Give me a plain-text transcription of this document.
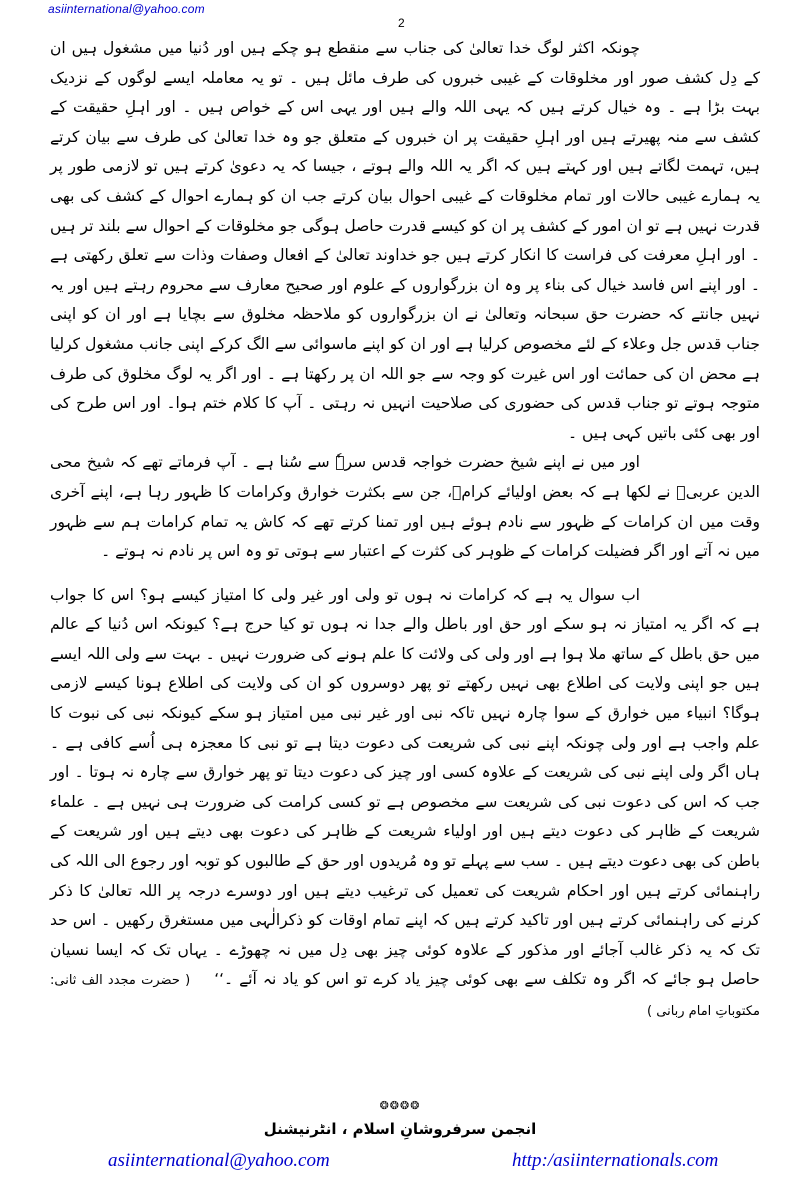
asiinternational@yahoo.com
2

چونکہ اکثر لوگ خدا تعالیٰ کی جناب سے منقطع ہو چکے ہیں اور دُنیا میں مشغول ہیں ان کے دِل کشف صور اور مخلوقات کے غیبی خبروں کی طرف مائل ہیں ۔ تو یہ معاملہ ایسے لوگوں کے نزدیک بہت بڑا ہے ۔ وہ خیال کرتے ہیں کہ یہی اللہ والے ہیں اور یہی اس کے خواص ہیں ۔ اور اہلِ حقیقت کے کشف سے منہ پھیرتے ہیں اور اہلِ حقیقت پر ان خبروں کے متعلق جو وہ خدا تعالیٰ کی طرف سے بیان کرتے ہیں، تہمت لگاتے ہیں اور کہتے ہیں کہ اگر یہ اللہ والے ہوتے ، جیسا کہ یہ دعویٰ کرتے ہیں تو لازمی طور پر یہ ہمارے غیبی حالات اور تمام مخلوقات کے غیبی احوال بیان کرتے جب ان کو ہمارے احوال کے کشف کی بھی قدرت نہیں ہے تو ان امور کے کشف پر ان کو کیسے قدرت حاصل ہوگی جو مخلوقات کے احوال سے بلند تر ہیں ۔ اور اہلِ معرفت کی فراست کا انکار کرتے ہیں جو خداوند تعالیٰ کے افعال وصفات وذات سے تعلق رکھتی ہے ۔ اور اپنے اس فاسد خیال کی بناء پر وہ ان بزرگواروں کے علوم اور صحیح معارف سے محروم رہتے ہیں اور یہ نہیں جانتے کہ حضرت حق سبحانہ وتعالیٰ نے ان بزرگواروں کو ملاحظہ مخلوق سے بچایا ہے اور ان کو اپنی جناب قدس جل وعلاء کے لئے مخصوص کرلیا ہے اور ان کو اپنے ماسوائی سے الگ کرکے اپنی جانب مشغول کرلیا ہے محض ان کی حمائت اور اس غیرت کو وجہ سے جو اللہ ان پر رکھتا ہے ۔ اور اگر یہ لوگ مخلوق کی طرف متوجہ ہوتے تو جناب قدس کی حضوری کی صلاحیت انہیں نہ رہتی ۔ آپ کا کلام ختم ہوا۔ اور اس طرح کی اور بھی کئی باتیں کہی ہیں ۔

اور میں نے اپنے شیخ حضرت خواجہ قدس سرہٗ سے سُنا ہے ۔ آپ فرماتے تھے کہ شیخ محی الدین عربیؒ نے لکھا ہے کہ بعض اولیائے کرامؒ، جن سے بکثرت خوارق وکرامات کا ظہور رہا ہے، اپنے آخری وقت میں ان کرامات کے ظہور سے نادم ہوئے ہیں اور تمنا کرتے تھے کہ کاش یہ تمام کرامات ہم سے ظہور میں نہ آتے اور اگر فضیلت کرامات کے ظوہر کی کثرت کے اعتبار سے ہوتی تو وہ اس پر نادم نہ ہوتے ۔

اب سوال یہ ہے کہ کرامات نہ ہوں تو ولی اور غیر ولی کا امتیاز کیسے ہو؟ اس کا جواب ہے کہ اگر یہ امتیاز نہ ہو سکے اور حق اور باطل والے جدا نہ ہوں تو کیا حرج ہے؟ کیونکہ اس دُنیا کے عالم میں حق باطل کے ساتھ ملا ہوا ہے اور ولی کی ولائت کا علم ہونے کی ضرورت نہیں ۔ بہت سے ولی اللہ ایسے ہیں جو اپنی ولایت کی اطلاع بھی نہیں رکھتے تو پھر دوسروں کو ان کی ولایت کی اطلاع ہونا کیسے لازمی ہوگا؟ انبیاء میں خوارق کے سوا چارہ نہیں تاکہ نبی اور غیر نبی میں امتیاز ہو سکے کیونکہ نبی کی نبوت کا علم واجب ہے اور ولی چونکہ اپنے نبی کی شریعت کی دعوت دیتا ہے تو نبی کا معجزہ ہی اُسے کافی ہے ۔ ہاں اگر ولی اپنے نبی کی شریعت کے علاوہ کسی اور چیز کی دعوت دیتا تو پھر خوارق سے چارہ نہ ہوتا ۔ اور جب کہ اس کی دعوت نبی کی شریعت سے مخصوص ہے تو کسی کرامت کی ضرورت ہی نہیں ہے ۔ علماء شریعت کے ظاہر کی دعوت دیتے ہیں اور اولیاء شریعت کے ظاہر کی دعوت بھی دیتے ہیں اور شریعت کے باطن کی بھی دعوت دیتے ہیں ۔ سب سے پہلے تو وہ مُریدوں اور حق کے طالبوں کو توبہ اور رجوع الی اللہ کی راہنمائی کرتے ہیں اور احکام شریعت کی تعمیل کی ترغیب دیتے ہیں اور دوسرے درجہ پر اللہ تعالیٰ کا ذکر کرنے کی راہنمائی کرتے ہیں اور تاکید کرتے ہیں کہ اپنے تمام اوقات کو ذکرالٰہی میں مستغرق رکھیں ۔ اس حد تک کہ یہ ذکر غالب آجائے اور مذکور کے علاوہ کوئی چیز بھی دِل میں نہ چھوڑے ۔ یہاں تک کہ ایسا نسیان حاصل ہو جائے کہ اگر وہ تکلف سے بھی کوئی چیز یاد کرے تو اس کو یاد نہ آئے ۔‘‘( حضرت مجدد الف ثانی: مکتوباتِ امام ربانی )

❂❂❂❂
انجمن سرفروشانِ اسلام ، انٹرنیشنل
asiinternational@yahoo.com	http:/asiinternationals.com
